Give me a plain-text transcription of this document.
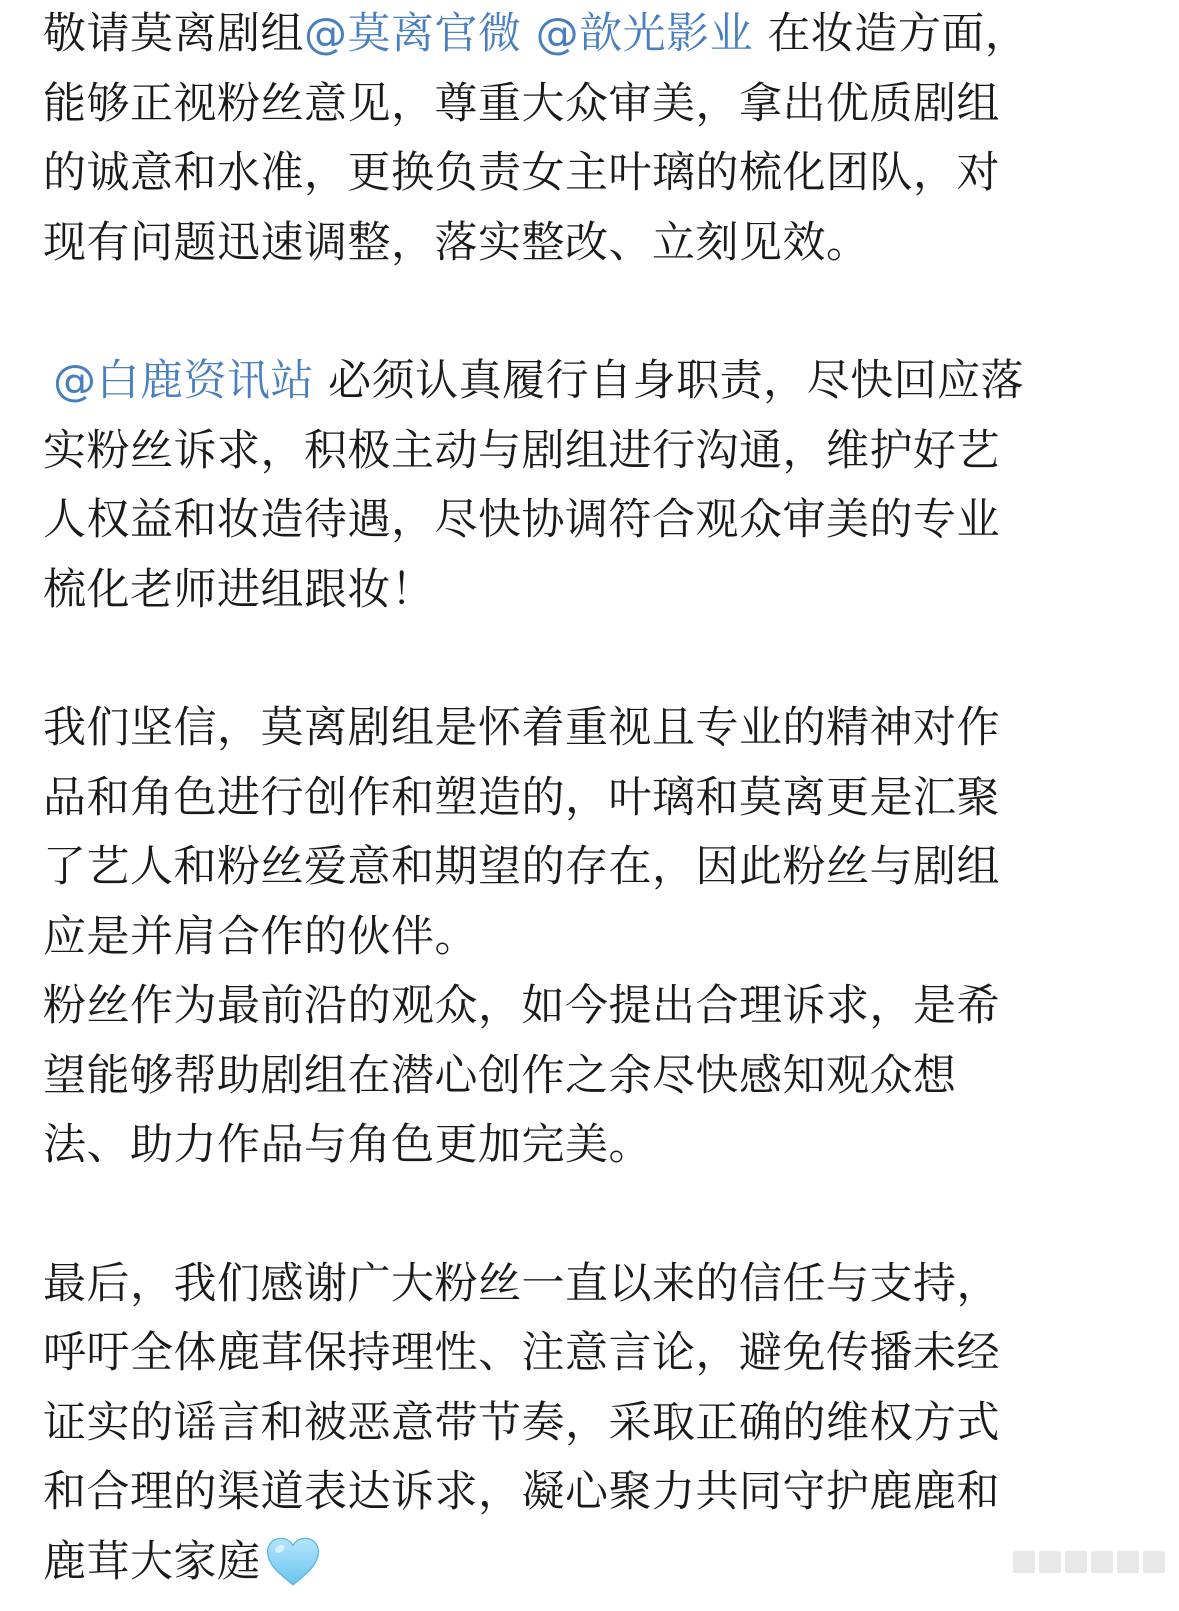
敬请莫离剧组@莫离官微 @歆光影业 在妆造方面，
能够正视粉丝意见，尊重大众审美，拿出优质剧组
的诚意和水准，更换负责女主叶璃的梳化团队，对
现有问题迅速调整，落实整改、立刻见效。

@白鹿资讯站 必须认真履行自身职责，尽快回应落
实粉丝诉求，积极主动与剧组进行沟通，维护好艺
人权益和妆造待遇，尽快协调符合观众审美的专业
梳化老师进组跟妆！

我们坚信，莫离剧组是怀着重视且专业的精神对作
品和角色进行创作和塑造的，叶璃和莫离更是汇聚
了艺人和粉丝爱意和期望的存在，因此粉丝与剧组
应是并肩合作的伙伴。
粉丝作为最前沿的观众，如今提出合理诉求，是希
望能够帮助剧组在潜心创作之余尽快感知观众想
法、助力作品与角色更加完美。

最后，我们感谢广大粉丝一直以来的信任与支持，
呼吁全体鹿茸保持理性、注意言论，避免传播未经
证实的谣言和被恶意带节奏，采取正确的维权方式
和合理的渠道表达诉求，凝心聚力共同守护鹿鹿和
鹿茸大家庭
